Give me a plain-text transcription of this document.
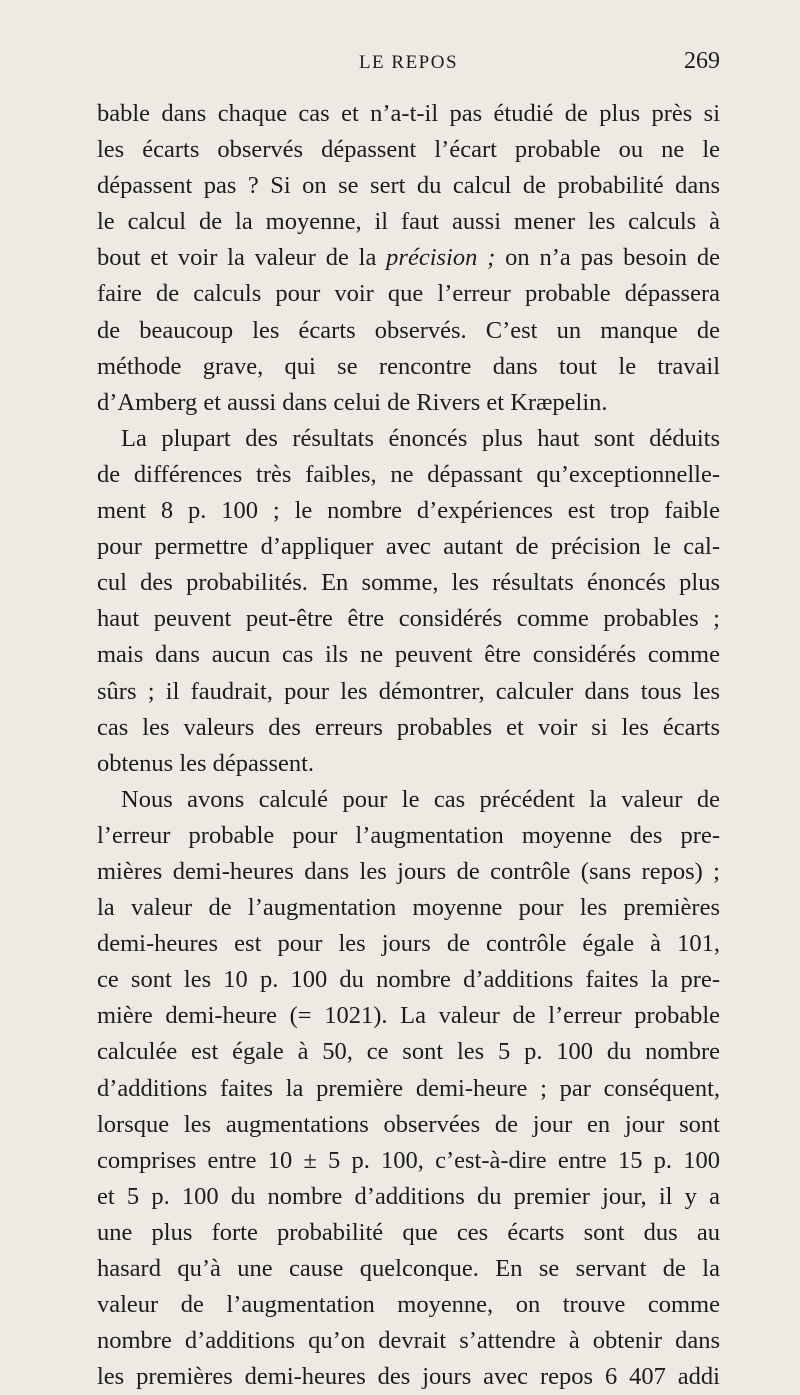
LE REPOS	269
bable dans chaque cas et n’a-t-il pas étudié de plus près si
les écarts observés dépassent l’écart probable ou ne le
dépassent pas ? Si on se sert du calcul de probabilité dans
le calcul de la moyenne, il faut aussi mener les calculs à
bout et voir la valeur de la précision ; on n’a pas besoin de
faire de calculs pour voir que l’erreur probable dépassera
de beaucoup les écarts observés. C’est un manque de
méthode grave, qui se rencontre dans tout le travail
d’Amberg et aussi dans celui de Rivers et Kræpelin.
La plupart des résultats énoncés plus haut sont déduits
de différences très faibles, ne dépassant qu’exceptionnelle-
ment 8 p. 100 ; le nombre d’expériences est trop faible
pour permettre d’appliquer avec autant de précision le cal-
cul des probabilités. En somme, les résultats énoncés plus
haut peuvent peut-être être considérés comme probables ;
mais dans aucun cas ils ne peuvent être considérés comme
sûrs ; il faudrait, pour les démontrer, calculer dans tous les
cas les valeurs des erreurs probables et voir si les écarts
obtenus les dépassent.
Nous avons calculé pour le cas précédent la valeur de
l’erreur probable pour l’augmentation moyenne des pre-
mières demi-heures dans les jours de contrôle (sans repos) ;
la valeur de l’augmentation moyenne pour les premières
demi-heures est pour les jours de contrôle égale à 101,
ce sont les 10 p. 100 du nombre d’additions faites la pre-
mière demi-heure (= 1021). La valeur de l’erreur probable
calculée est égale à 50, ce sont les 5 p. 100 du nombre
d’additions faites la première demi-heure ; par conséquent,
lorsque les augmentations observées de jour en jour sont
comprises entre 10 ± 5 p. 100, c’est-à-dire entre 15 p. 100
et 5 p. 100 du nombre d’additions du premier jour, il y a
une plus forte probabilité que ces écarts sont dus au
hasard qu’à une cause quelconque. En se servant de la
valeur de l’augmentation moyenne, on trouve comme
nombre d’additions qu’on devrait s’attendre à obtenir dans
les premières demi-heures des jours avec repos 6 407 addi
